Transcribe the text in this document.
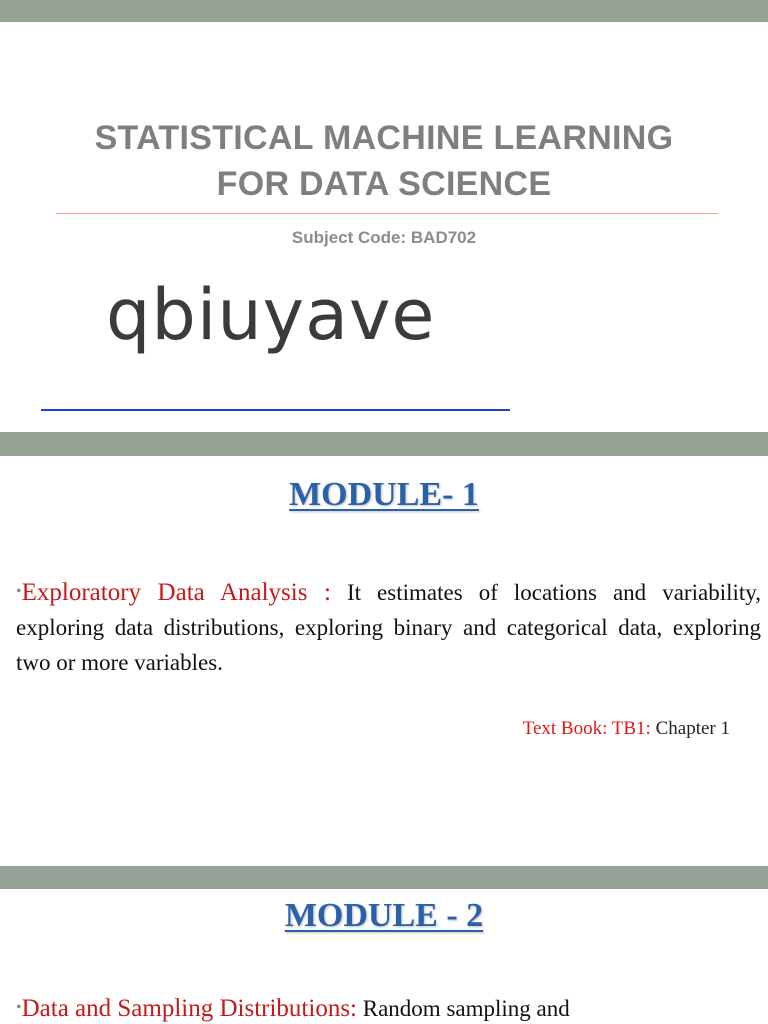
STATISTICAL MACHINE LEARNING
FOR DATA SCIENCE
Subject Code: BAD702
qbiuyave
MODULE- 1
•Exploratory Data Analysis : It estimates of locations and variability, exploring data distributions, exploring binary and categorical data, exploring two or more variables.
Text Book: TB1: Chapter 1
MODULE - 2
•Data and Sampling Distributions: Random sampling and
